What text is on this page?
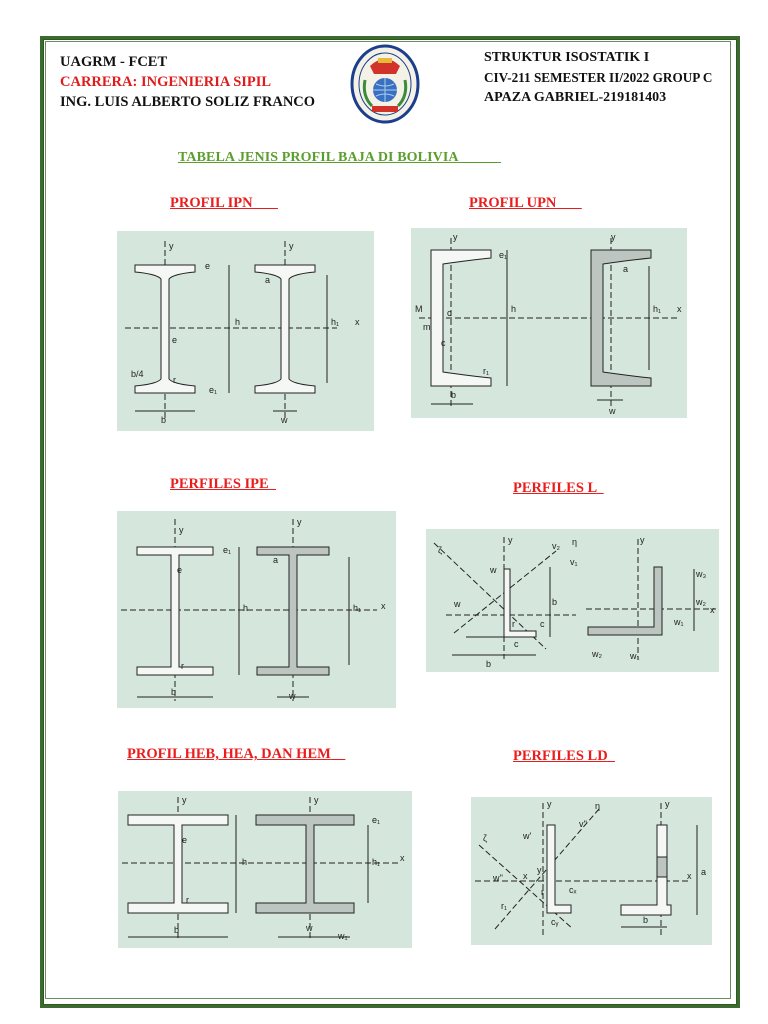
UAGRM - FCET
CARRERA: INGENIERIA SIPIL
ING. LUIS ALBERTO SOLIZ FRANCO
STRUKTUR ISOSTATIK I
CIV-211 SEMESTER II/2022 GROUP C
APAZA GABRIEL-219181403
TABELA JENIS PROFIL BAJA DI BOLIVIA
PROFIL IPN	PROFIL UPN
PERFILES IPE	PERFILES L
PROFIL HEB, HEA, DAN HEM	PERFILES LD
y	y
e
h	h₁ x
e
b/4
r
e₁
b
a
w
y	y
e₁
h	h₁ x
M
m
c
c
r₁
b
a
w
y
y
e₁
e
h	h₁ x
r
b
a
w
ζ
y
v₂ η
v₁
w
w	b
c
r
c
b
y
w₃
w₂
x
w₁
w₂	w₁
y	y
e₁
e
h	h₁ x
r
b	w
w₁
y	η
ζ	w'
v''
w'' x
y
r	cₓ
r₁
cᵧ
y
x a
b
